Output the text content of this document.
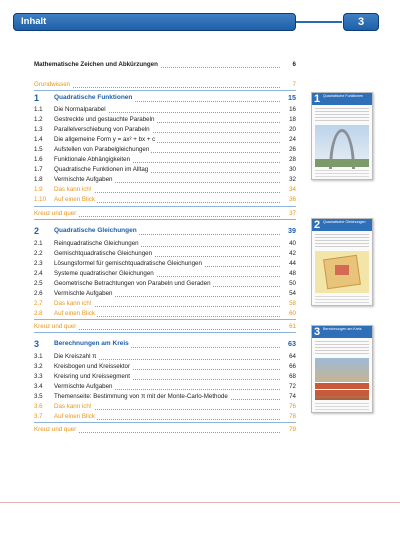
Inhalt	3
Mathematische Zeichen und Abkürzungen	6
Grundwissen	7
1 Quadratische Funktionen	15
1.1 Die Normalparabel	16
1.2 Gestreckte und gestauchte Parabeln	18
1.3 Parallelverschiebung von Parabeln	20
1.4 Die allgemeine Form y = ax² + bx + c	24
1.5 Aufstellen von Parabelgleichungen	26
1.6 Funktionale Abhängigkeiten	28
1.7 Quadratische Funktionen im Alltag	30
1.8 Vermischte Aufgaben	32
1.9 Das kann ich!	34
1.10 Auf einen Blick	36
Kreuz und quer	37
2 Quadratische Gleichungen	39
2.1 Reinquadratische Gleichungen	40
2.2 Gemischtquadratische Gleichungen	42
2.3 Lösungsformel für gemischtquadratische Gleichungen	44
2.4 Systeme quadratischer Gleichungen	48
2.5 Geometrische Betrachtungen von Parabeln und Geraden	50
2.6 Vermischte Aufgaben	54
2.7 Das kann ich!	58
2.8 Auf einen Blick	60
Kreuz und quer	61
3 Berechnungen am Kreis	63
3.1 Die Kreiszahl π	64
3.2 Kreisbogen und Kreissektor	66
3.3 Kreisring und Kreissegment	68
3.4 Vermischte Aufgaben	72
3.5 Themenseite: Bestimmung von π mit der Monte-Carlo-Methode	74
3.6 Das kann ich!	76
3.7 Auf einen Blick	78
Kreuz und quer	79
1 Quadratische Funktionen
2 Quadratische Gleichungen
3 Berechnungen am Kreis
